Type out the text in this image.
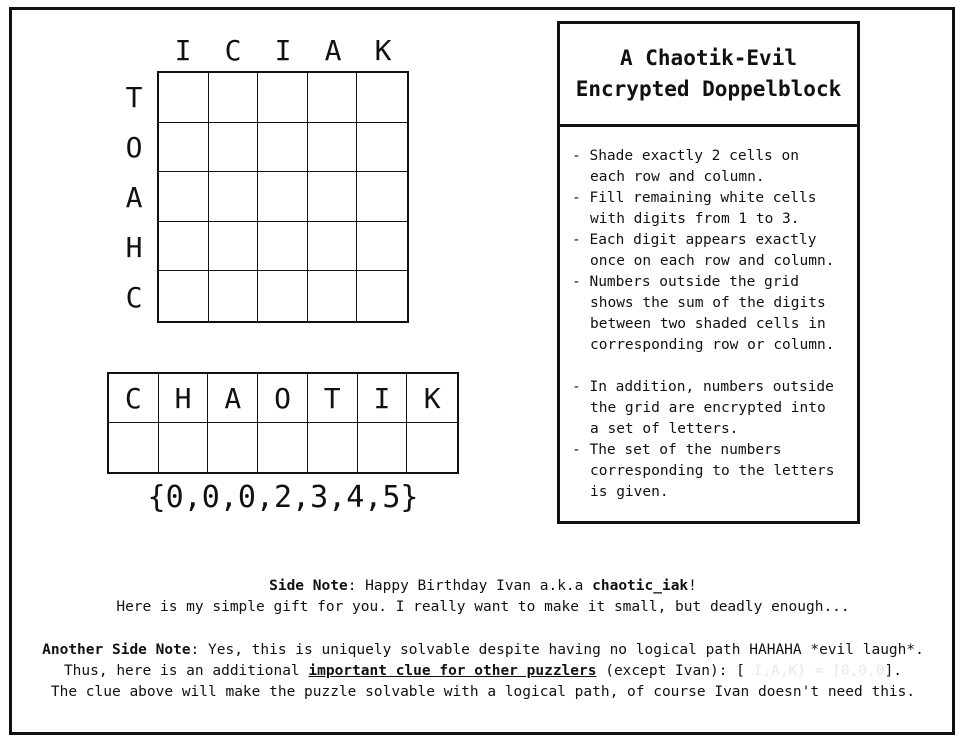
I	C	I	A	K
T
O
A
H
C
C	H	A	O	T	I	K
{0,0,0,2,3,4,5}
A Chaotik-Evil
Encrypted Doppelblock
- Shade exactly 2 cells on
each row and column.
- Fill remaining white cells
with digits from 1 to 3.
- Each digit appears exactly
once on each row and column.
- Numbers outside the grid
shows the sum of the digits
between two shaded cells in
corresponding row or column.
- In addition, numbers outside
the grid are encrypted into
a set of letters.
- The set of the numbers
corresponding to the letters
is given.

Side Note: Happy Birthday Ivan a.k.a chaotic_iak!

Here is my simple gift for you. I really want to make it small, but deadly enough...

Another Side Note: Yes, this is uniquely solvable despite having no logical path HAHAHA *evil laugh*.

Thus, here is an additional important clue for other puzzlers (except Ivan): [ I,A,K) = [0,0,0].

The clue above will make the puzzle solvable with a logical path, of course Ivan doesn't need this.
